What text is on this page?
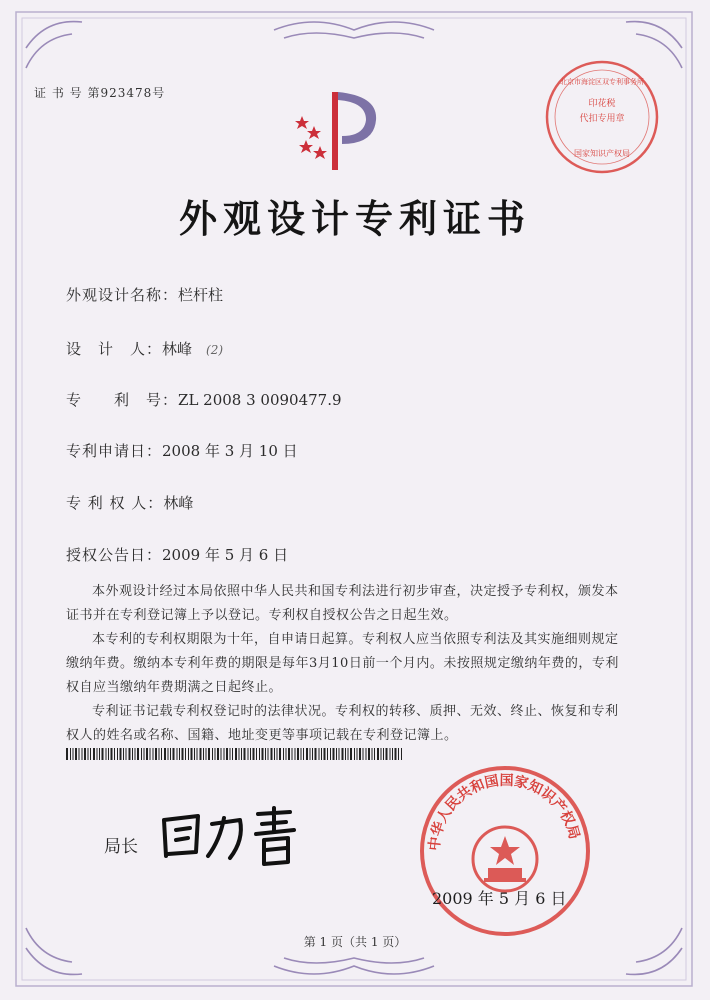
证 书 号 第923478号
印花税
代扣专用章
北京市海淀区双专利事务所
国家知识产权局
外观设计专利证书
外观设计名称：栏杆柱
设　计　人：林峰 (2)
专　　利　号：ZL 2008 3 0090477.9
专利申请日：2008 年 3 月 10 日
专 利 权 人：林峰
授权公告日：2009 年 5 月 6 日
本外观设计经过本局依照中华人民共和国专利法进行初步审查，决定授予专利权，颁发本证书并在专利登记簿上予以登记。专利权自授权公告之日起生效。
本专利的专利权期限为十年，自申请日起算。专利权人应当依照专利法及其实施细则规定缴纳年费。缴纳本专利年费的期限是每年3月10日前一个月内。未按照规定缴纳年费的，专利权自应当缴纳年费期满之日起终止。
专利证书记载专利权登记时的法律状况。专利权的转移、质押、无效、终止、恢复和专利权人的姓名或名称、国籍、地址变更等事项记载在专利登记簿上。
局长	中华人民共和国国家知识产权局
2009 年 5 月 6 日
第 1 页（共 1 页）
